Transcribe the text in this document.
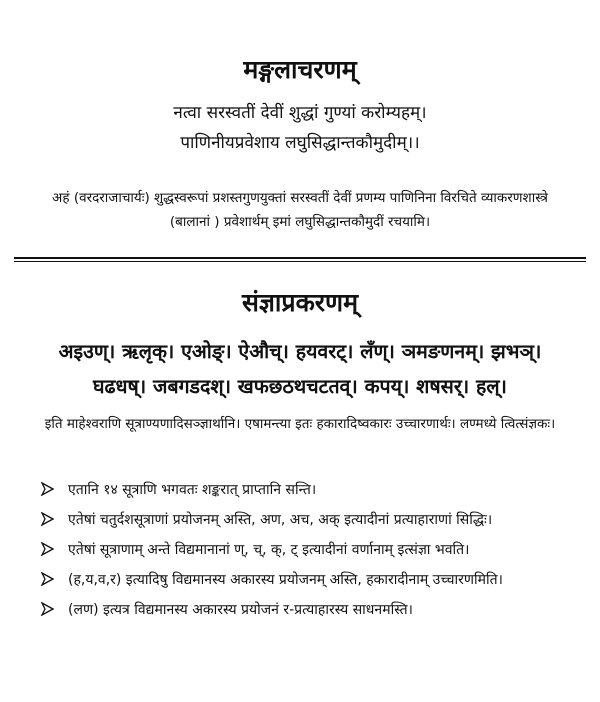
मङ्गलाचरणम्

नत्वा सरस्वतीं देवीं शुद्धां गुण्यां करोम्यहम्।

पाणिनीयप्रवेशाय लघुसिद्धान्तकौमुदीम्।।

अहं (वरदराजाचार्यः) शुद्धस्वरूपां प्रशस्तगुणयुक्तां सरस्वतीं देवीं प्रणम्य पाणिनिना विरचिते व्याकरणशास्त्रे (बालानां ) प्रवेशार्थम् इमां लघुसिद्धान्तकौमुदीं रचयामि।

संज्ञाप्रकरणम्

अइउण्। ऋलृक्। एओङ्। ऐऔच्। हयवरट्। लँण्। ञमङणनम्। झभञ्।

घढधष्। जबगडदश्। खफछठथचटतव्। कपय्। शषसर्। हल्।

इति माहेश्वराणि सूत्राण्यणादिसञ्ज्ञार्थानि। एषामन्त्या इतः हकारादिष्वकारः उच्चारणार्थः। लण्मध्ये त्वित्संज्ञकः।

एतानि १४ सूत्राणि भगवतः शङ्करात् प्राप्तानि सन्ति।
एतेषां चतुर्दशसूत्राणां प्रयोजनम् अस्ति, अण, अच, अक् इत्यादीनां प्रत्याहाराणां सिद्धिः।
एतेषां सूत्राणाम् अन्ते विद्यमानानां ण्, च्, क्, ट् इत्यादीनां वर्णानाम् इत्संज्ञा भवति।
(ह,य,व,र) इत्यादिषु विद्यमानस्य अकारस्य प्रयोजनम् अस्ति, हकारादीनाम् उच्चारणमिति।
(लण) इत्यत्र विद्यमानस्य अकारस्य प्रयोजनं र-प्रत्याहारस्य साधनमस्ति।
